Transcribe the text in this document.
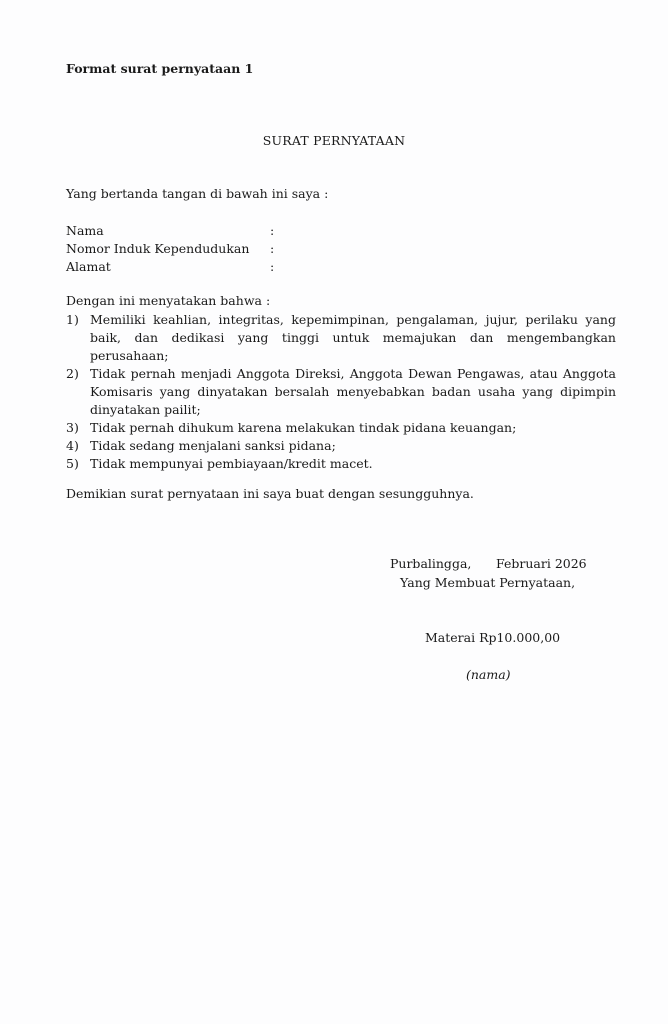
Format surat pernyataan 1
SURAT PERNYATAAN
Yang bertanda tangan di bawah ini saya :
Nama	:
Nomor Induk Kependudukan	:
Alamat	:
Dengan ini menyatakan bahwa :
1) Memiliki keahlian, integritas, kepemimpinan, pengalaman, jujur, perilaku yang baik, dan dedikasi yang tinggi untuk memajukan dan mengembangkan perusahaan;
2) Tidak pernah menjadi Anggota Direksi, Anggota Dewan Pengawas, atau Anggota Komisaris yang dinyatakan bersalah menyebabkan badan usaha yang dipimpin dinyatakan pailit;
3) Tidak pernah dihukum karena melakukan tindak pidana keuangan;
4) Tidak sedang menjalani sanksi pidana;
5) Tidak mempunyai pembiayaan/kredit macet.
Demikian surat pernyataan ini saya buat dengan sesungguhnya.
Purbalingga,	Februari 2026
Yang Membuat Pernyataan,
Materai Rp10.000,00
(nama)
